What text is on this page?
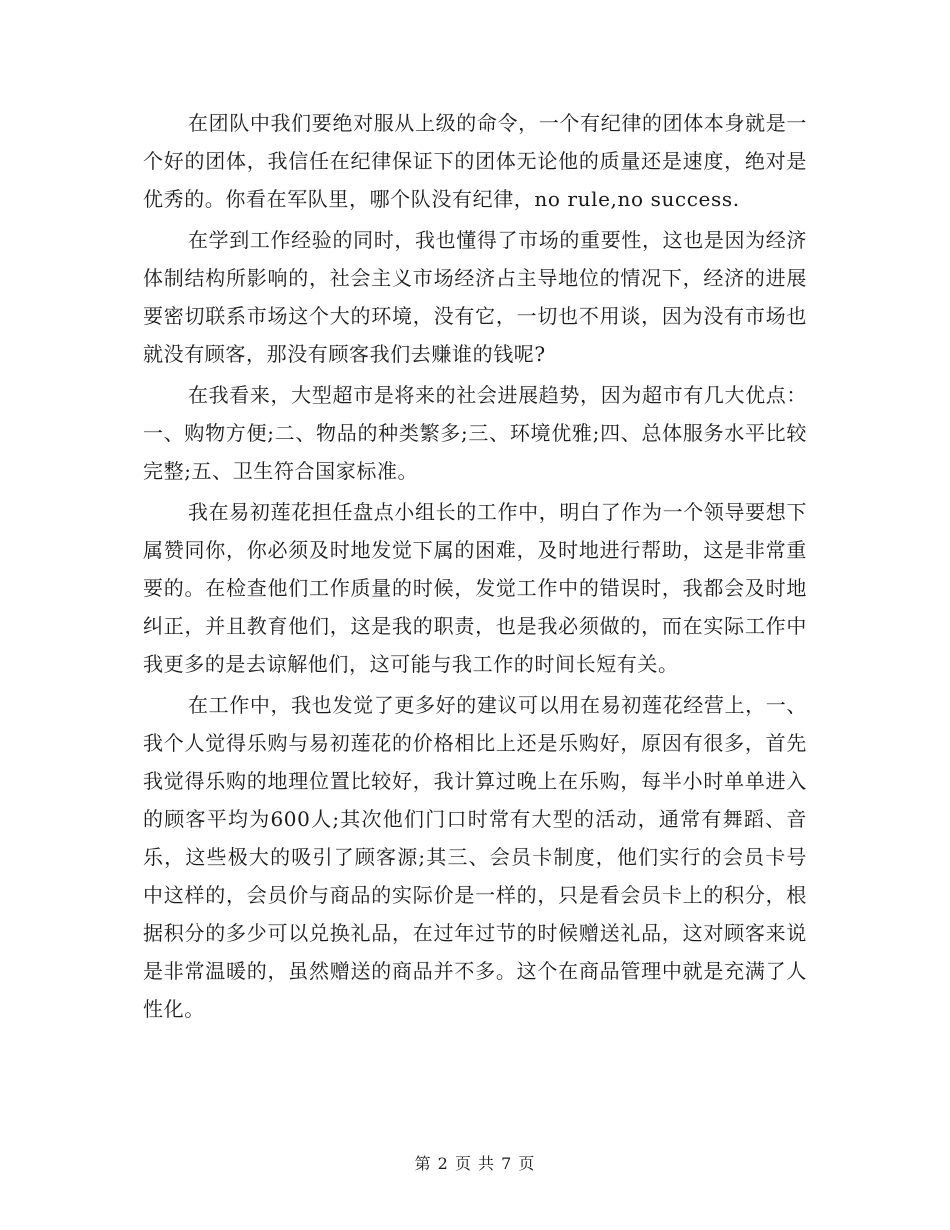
在团队中我们要绝对服从上级的命令，一个有纪律的团体本身就是一个好的团体，我信任在纪律保证下的团体无论他的质量还是速度，绝对是优秀的。你看在军队里，哪个队没有纪律，no rule,no success.

在学到工作经验的同时，我也懂得了市场的重要性，这也是因为经济体制结构所影响的，社会主义市场经济占主导地位的情况下，经济的进展要密切联系市场这个大的环境，没有它，一切也不用谈，因为没有市场也就没有顾客，那没有顾客我们去赚谁的钱呢?

在我看来，大型超市是将来的社会进展趋势，因为超市有几大优点：一、购物方便;二、物品的种类繁多;三、环境优雅;四、总体服务水平比较完整;五、卫生符合国家标准。

我在易初莲花担任盘点小组长的工作中，明白了作为一个领导要想下属赞同你，你必须及时地发觉下属的困难，及时地进行帮助，这是非常重要的。在检查他们工作质量的时候，发觉工作中的错误时，我都会及时地纠正，并且教育他们，这是我的职责，也是我必须做的，而在实际工作中我更多的是去谅解他们，这可能与我工作的时间长短有关。

在工作中，我也发觉了更多好的建议可以用在易初莲花经营上，一、我个人觉得乐购与易初莲花的价格相比上还是乐购好，原因有很多，首先我觉得乐购的地理位置比较好，我计算过晚上在乐购，每半小时单单进入的顾客平均为600人;其次他们门口时常有大型的活动，通常有舞蹈、音乐，这些极大的吸引了顾客源;其三、会员卡制度，他们实行的会员卡号中这样的，会员价与商品的实际价是一样的，只是看会员卡上的积分，根据积分的多少可以兑换礼品，在过年过节的时候赠送礼品，这对顾客来说是非常温暖的，虽然赠送的商品并不多。这个在商品管理中就是充满了人性化。

第 2 页 共 7 页
